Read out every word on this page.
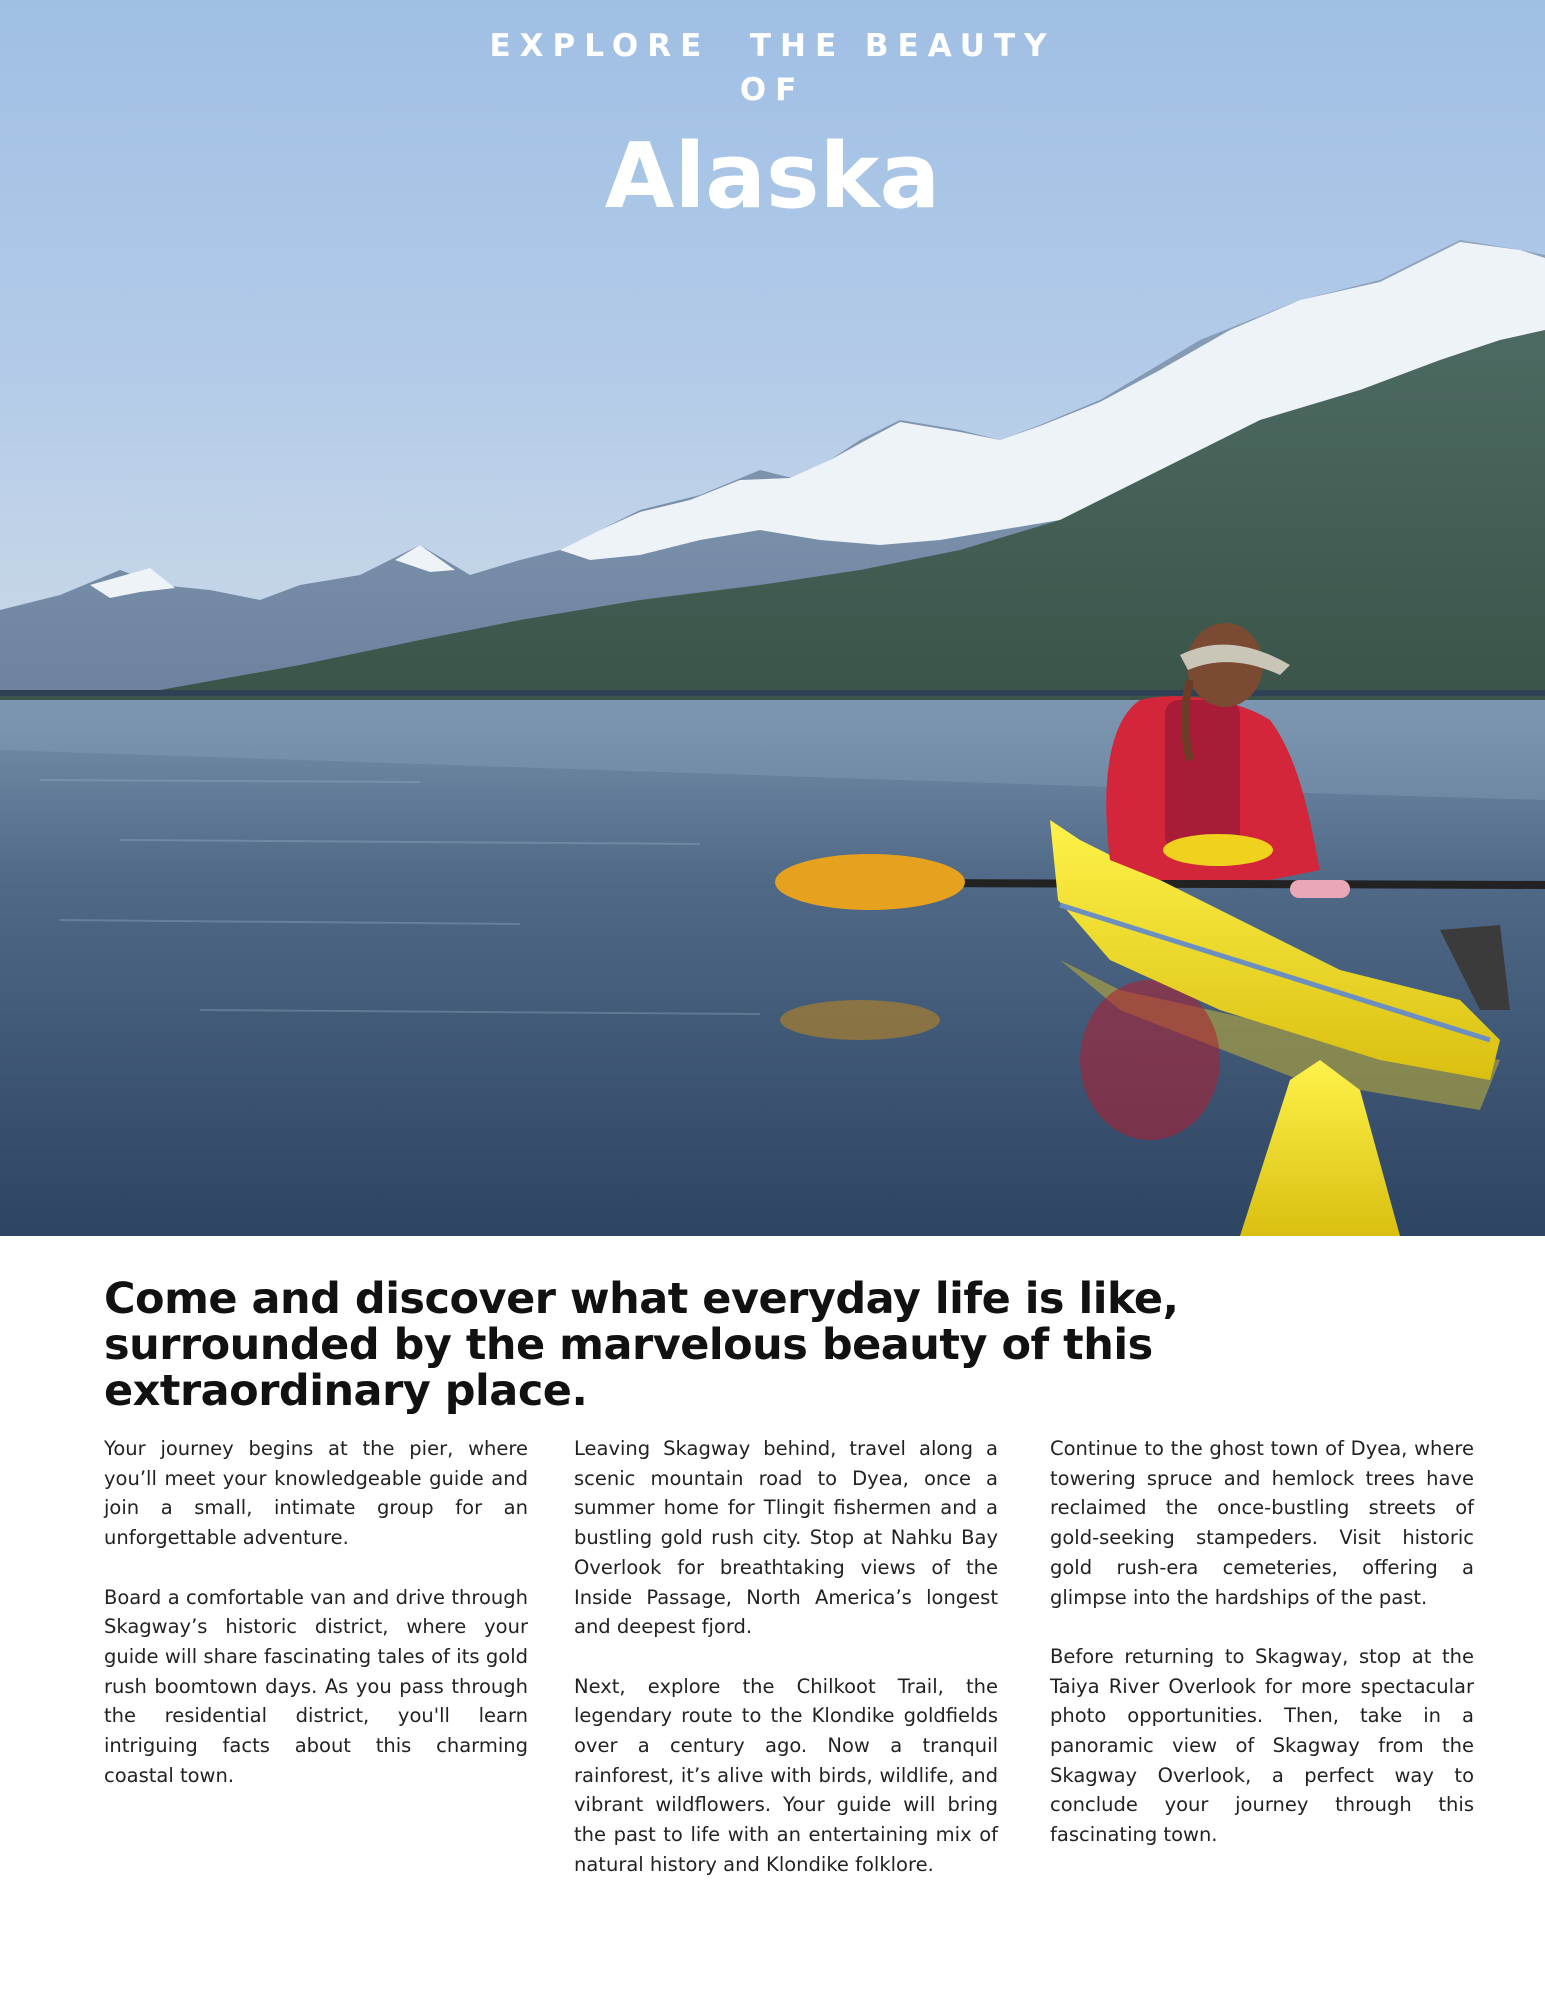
EXPLORE  THE BEAUTY
OF
Alaska
Come and discover what everyday life is like, surrounded by the marvelous beauty of this extraordinary place.

Your journey begins at the pier, where you’ll meet your knowledgeable guide and join a small, intimate group for an unforgettable adventure.

Board a comfortable van and drive through Skagway’s historic district, where your guide will share fascinating tales of its gold rush boomtown days. As you pass through the residential district, you'll learn intriguing facts about this charming coastal town.

Leaving Skagway behind, travel along a scenic mountain road to Dyea, once a summer home for Tlingit fishermen and a bustling gold rush city. Stop at Nahku Bay Overlook for breathtaking views of the Inside Passage, North America’s longest and deepest fjord.

Next, explore the Chilkoot Trail, the legendary route to the Klondike goldfields over a century ago. Now a tranquil rainforest, it’s alive with birds, wildlife, and vibrant wildflowers. Your guide will bring the past to life with an entertaining mix of natural history and Klondike folklore.

Continue to the ghost town of Dyea, where towering spruce and hemlock trees have reclaimed the once-bustling streets of gold-seeking stampeders. Visit historic gold rush-era cemeteries, offering a glimpse into the hardships of the past.

Before returning to Skagway, stop at the Taiya River Overlook for more spectacular photo opportunities. Then, take in a panoramic view of Skagway from the Skagway Overlook, a perfect way to conclude your journey through this fascinating town.
